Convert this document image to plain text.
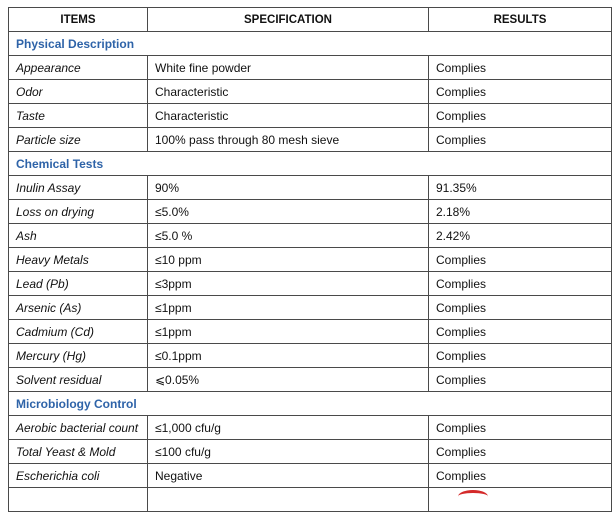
ITEMS	SPECIFICATION	RESULTS
Physical Description		
Appearance	White fine powder	Complies
Odor	Characteristic	Complies
Taste	Characteristic	Complies
Particle size	100% pass through 80 mesh sieve	Complies
Chemical Tests		
Inulin Assay	90%	91.35%
Loss on drying	≤5.0%	2.18%
Ash	≤5.0 %	2.42%
Heavy Metals	≤10 ppm	Complies
Lead (Pb)	≤3ppm	Complies
Arsenic (As)	≤1ppm	Complies
Cadmium (Cd)	≤1ppm	Complies
Mercury (Hg)	≤0.1ppm	Complies
Solvent residual	⩽0.05%	Complies
Microbiology Control		
Aerobic bacterial count	≤1,000 cfu/g	Complies
Total Yeast & Mold	≤100 cfu/g	Complies
Escherichia coli	Negative	Complies
